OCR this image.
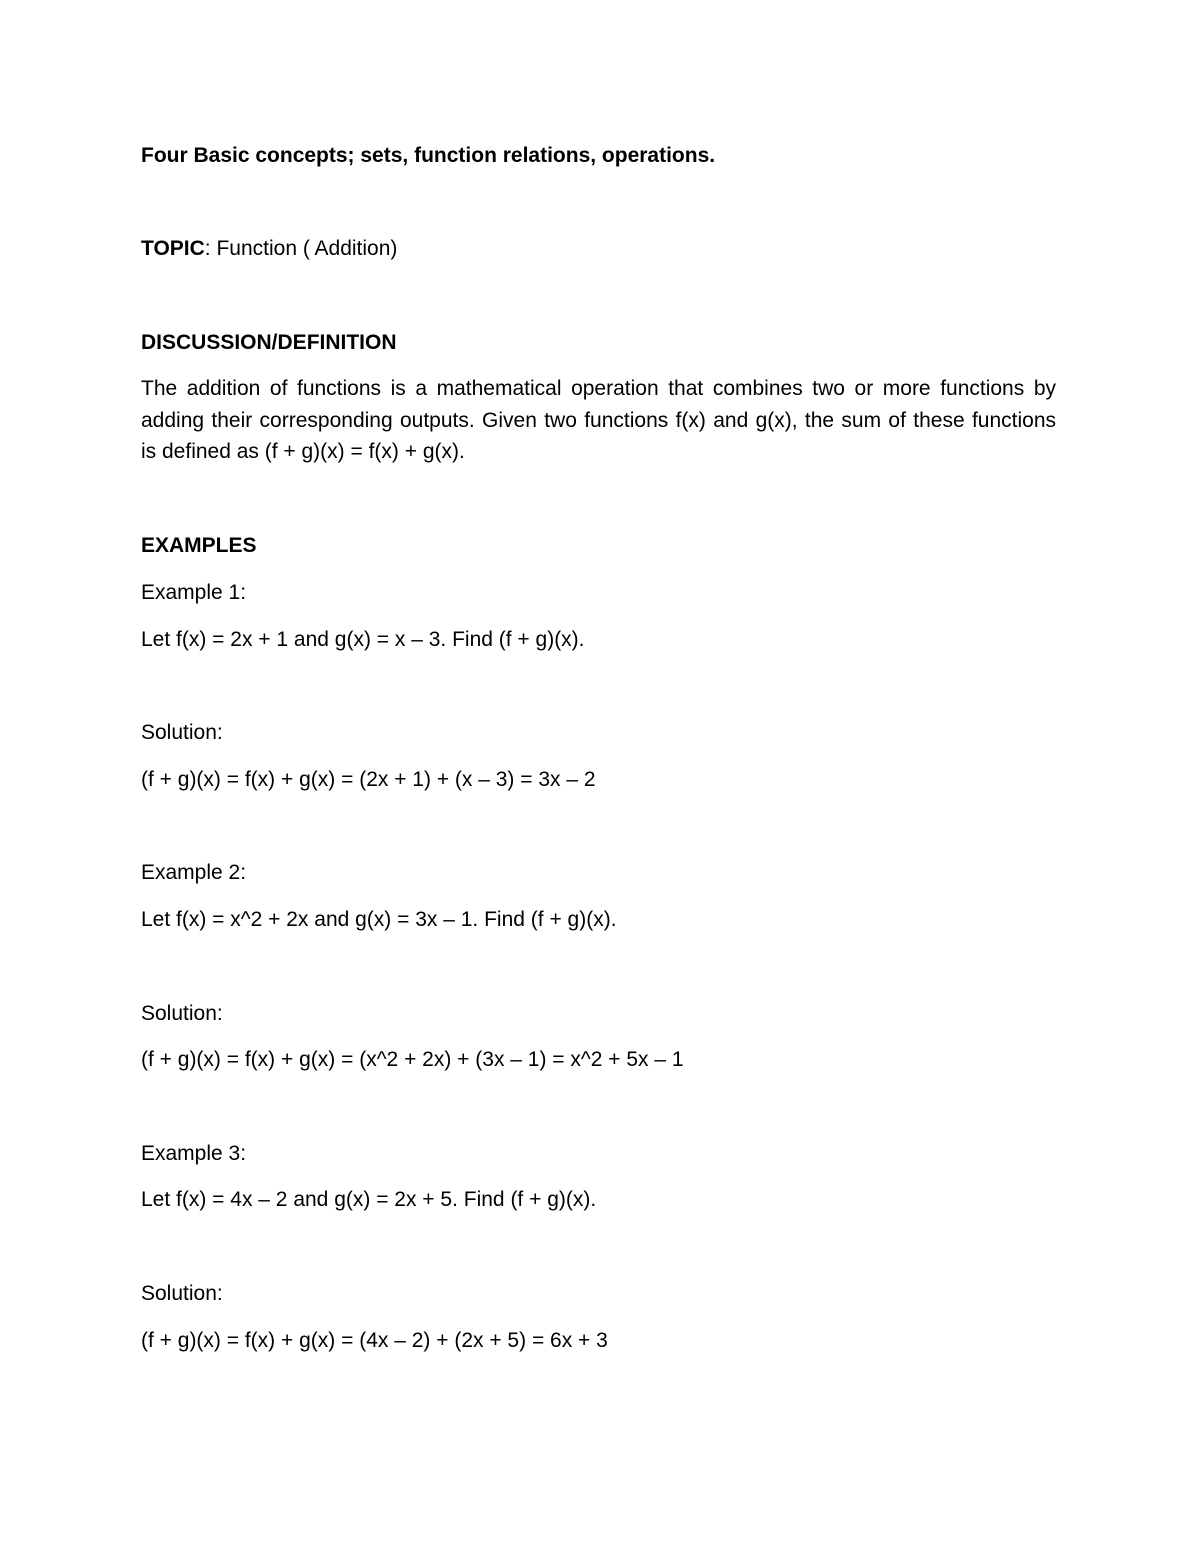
Four Basic concepts; sets, function relations, operations.
TOPIC: Function ( Addition)
DISCUSSION/DEFINITION
The addition of functions is a mathematical operation that combines two or more functions by adding their corresponding outputs. Given two functions f(x) and g(x), the sum of these functions is defined as (f + g)(x) = f(x) + g(x).
EXAMPLES
Example 1:
Let f(x) = 2x + 1 and g(x) = x – 3. Find (f + g)(x).
Solution:
(f + g)(x) = f(x) + g(x) = (2x + 1) + (x – 3) = 3x – 2
Example 2:
Let f(x) = x^2 + 2x and g(x) = 3x – 1. Find (f + g)(x).
Solution:
(f + g)(x) = f(x) + g(x) = (x^2 + 2x) + (3x – 1) = x^2 + 5x – 1
Example 3:
Let f(x) = 4x – 2 and g(x) = 2x + 5. Find (f + g)(x).
Solution:
(f + g)(x) = f(x) + g(x) = (4x – 2) + (2x + 5) = 6x + 3
